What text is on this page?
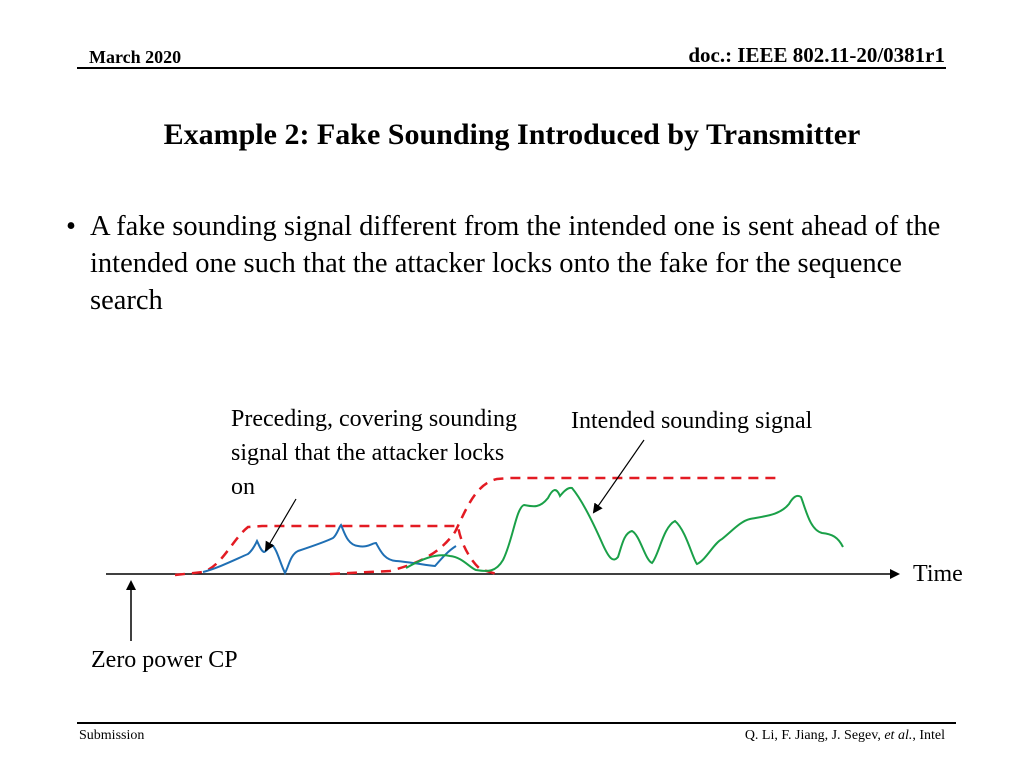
March 2020	doc.: IEEE 802.11-20/0381r1
Example 2: Fake Sounding Introduced by Transmitter
• A fake sounding signal different from the intended one is sent ahead of the intended one such that the attacker locks onto the fake for the sequence search
Preceding, covering sounding signal that the attacker locks on
Intended sounding signal
Time
Zero power CP
Submission	Q. Li, F. Jiang, J. Segev, et al., Intel
